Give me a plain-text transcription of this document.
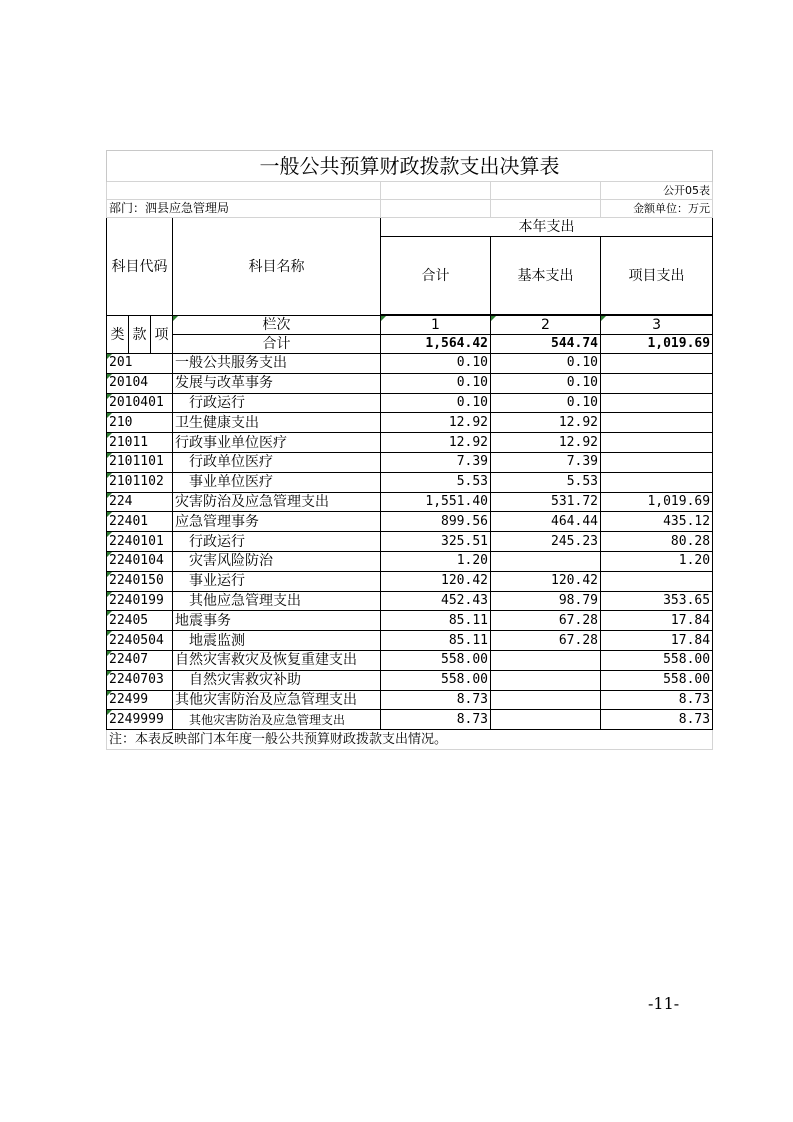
一般公共预算财政拨款支出决算表						
						公开05表
部门：泗县应急管理局						金额单位：万元
科目代码			科目名称	本年支出		
				合计	基本支出	项目支出

类	款	项	栏次	1	2	3
			合计	1,564.42	544.74	1,019.69
201			一般公共服务支出	0.10	0.10	
20104			发展与改革事务	0.10	0.10	
2010401			行政运行	0.10	0.10	
210			卫生健康支出	12.92	12.92	
21011			行政事业单位医疗	12.92	12.92	
2101101			行政单位医疗	7.39	7.39	
2101102			事业单位医疗	5.53	5.53	
224			灾害防治及应急管理支出	1,551.40	531.72	1,019.69
22401			应急管理事务	899.56	464.44	435.12
2240101			行政运行	325.51	245.23	80.28
2240104			灾害风险防治	1.20		1.20
2240150			事业运行	120.42	120.42	
2240199			其他应急管理支出	452.43	98.79	353.65
22405			地震事务	85.11	67.28	17.84
2240504			地震监测	85.11	67.28	17.84
22407			自然灾害救灾及恢复重建支出	558.00		558.00
2240703			自然灾害救灾补助	558.00		558.00
22499			其他灾害防治及应急管理支出	8.73		8.73
2249999			其他灾害防治及应急管理支出	8.73		8.73
注：本表反映部门本年度一般公共预算财政拨款支出情况。						
-11-
